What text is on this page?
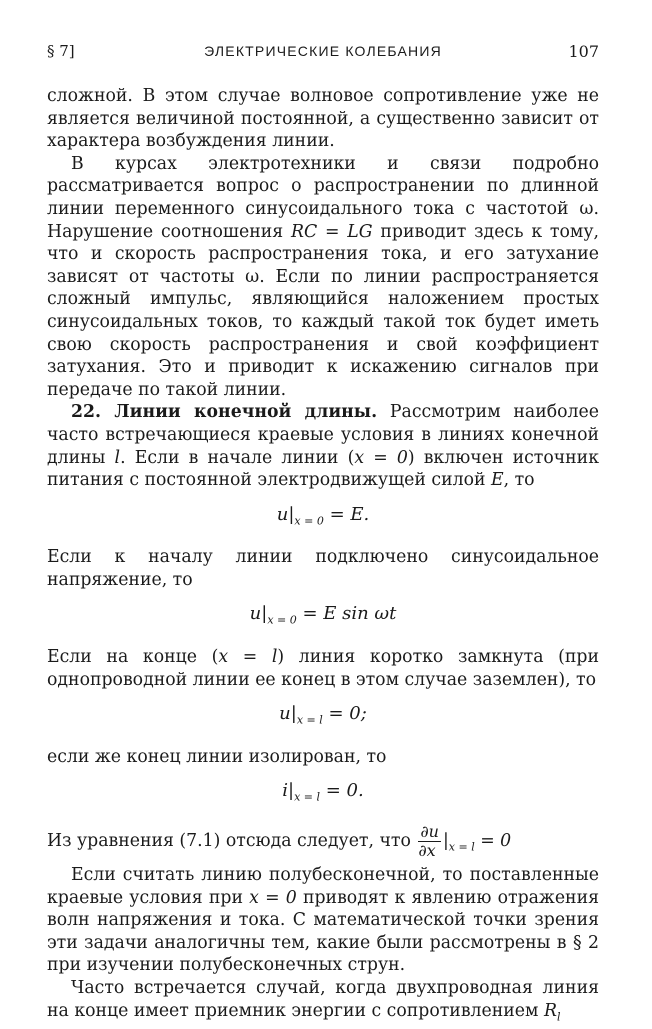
§ 7]	ЭЛЕКТРИЧЕСКИЕ КОЛЕБАНИЯ	107

сложной. В этом случае волновое сопротивление уже не является величиной постоянной, а существенно зависит от характера возбуждения линии.

В курсах электротехники и связи подробно рассматривается вопрос о распространении по длинной линии переменного синусоидального тока с частотой ω. Нарушение соотношения RC = LG приводит здесь к тому, что и скорость распространения тока, и его затухание зависят от частоты ω. Если по линии распространяется сложный импульс, являющийся наложением простых синусоидальных токов, то каждый такой ток будет иметь свою скорость распространения и свой коэффициент затухания. Это и приводит к искажению сигналов при передаче по такой линии.

22. Линии конечной длины. Рассмотрим наиболее часто встречающиеся краевые условия в линиях конечной длины l. Если в начале линии (x = 0) включен источник питания с постоянной электродвижущей силой E, то

$u|_{x = 0} = E$.

Если к началу линии подключено синусоидальное напряжение, то

$u|_{x = 0} = E$ sin ωt

Если на конце (x = l) линия коротко замкнута (при однопроводной линии ее конец в этом случае заземлен), то

$u|_{x = l} = 0$;

если же конец линии изолирован, то

$i|_{x = l} = 0$.

Из уравнения (7.1) отсюда следует, что $\frac{\partial u}{\partial x} |_{x = l} = 0$

Если считать линию полубесконечной, то поставленные краевые условия при x = 0 приводят к явлению отражения волн напряжения и тока. С математической точки зрения эти задачи аналогичны тем, какие были рассмотрены в § 2 при изучении полубесконечных струн.

Часто встречается случай, когда двухпроводная линия на конце имеет приемник энергии с сопротивлением $R_l$
